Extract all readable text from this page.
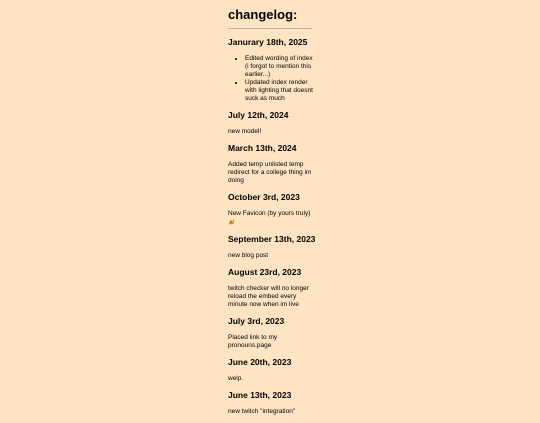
changelog:
Janurary 18th, 2025
• Edited wording of index (i forgot to mention this earlier...)
• Updated index render with lighting that doesnt suck as much
July 12th, 2024

new model!

March 13th, 2024

Added temp unlisted temp redirect for a college thing im doing

October 3rd, 2023

New Favicon (by yours truly)

September 13th, 2023

new blog post

August 23rd, 2023

twitch checker will no longer reload the embed every minute now when im live

July 3rd, 2023

Placed link to my pronouns.page

June 20th, 2023

welp.

June 13th, 2023

new twitch "integration"
